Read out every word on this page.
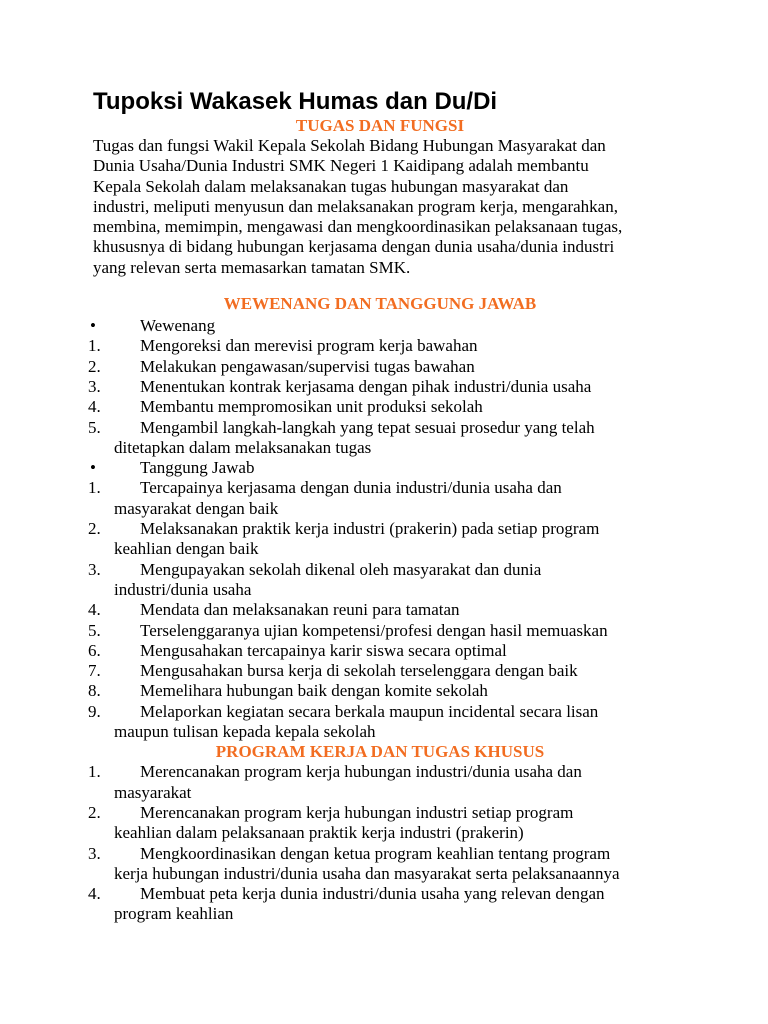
Tupoksi Wakasek Humas dan Du/Di

TUGAS DAN FUNGSI

Tugas dan fungsi Wakil Kepala Sekolah Bidang Hubungan Masyarakat dan
Dunia Usaha/Dunia Industri SMK Negeri 1 Kaidipang adalah membantu
Kepala Sekolah dalam melaksanakan tugas hubungan masyarakat dan
industri, meliputi menyusun dan melaksanakan program kerja, mengarahkan,
membina, memimpin, mengawasi dan mengkoordinasikan pelaksanaan tugas,
khususnya di bidang hubungan kerjasama dengan dunia usaha/dunia industri
yang relevan serta memasarkan tamatan SMK.

WEWENANG DAN TANGGUNG JAWAB

•	Wewenang
1. Mengoreksi dan merevisi program kerja bawahan
2. Melakukan pengawasan/supervisi tugas bawahan
3. Menentukan kontrak kerjasama dengan pihak industri/dunia usaha
4. Membantu mempromosikan unit produksi sekolah
5. Mengambil langkah-langkah yang tepat sesuai prosedur yang telah
ditetapkan dalam melaksanakan tugas
•	Tanggung Jawab
1. Tercapainya kerjasama dengan dunia industri/dunia usaha dan
masyarakat dengan baik
2. Melaksanakan praktik kerja industri (prakerin) pada setiap program
keahlian dengan baik
3. Mengupayakan sekolah dikenal oleh masyarakat dan dunia
industri/dunia usaha
4. Mendata dan melaksanakan reuni para tamatan
5. Terselenggaranya ujian kompetensi/profesi dengan hasil memuaskan
6. Mengusahakan tercapainya karir siswa secara optimal
7. Mengusahakan bursa kerja di sekolah terselenggara dengan baik
8. Memelihara hubungan baik dengan komite sekolah
9. Melaporkan kegiatan secara berkala maupun incidental secara lisan
maupun tulisan kepada kepala sekolah

PROGRAM KERJA DAN TUGAS KHUSUS

1. Merencanakan program kerja hubungan industri/dunia usaha dan
masyarakat
2. Merencanakan program kerja hubungan industri setiap program
keahlian dalam pelaksanaan praktik kerja industri (prakerin)
3. Mengkoordinasikan dengan ketua program keahlian tentang program
kerja hubungan industri/dunia usaha dan masyarakat serta pelaksanaannya
4. Membuat peta kerja dunia industri/dunia usaha yang relevan dengan
program keahlian
